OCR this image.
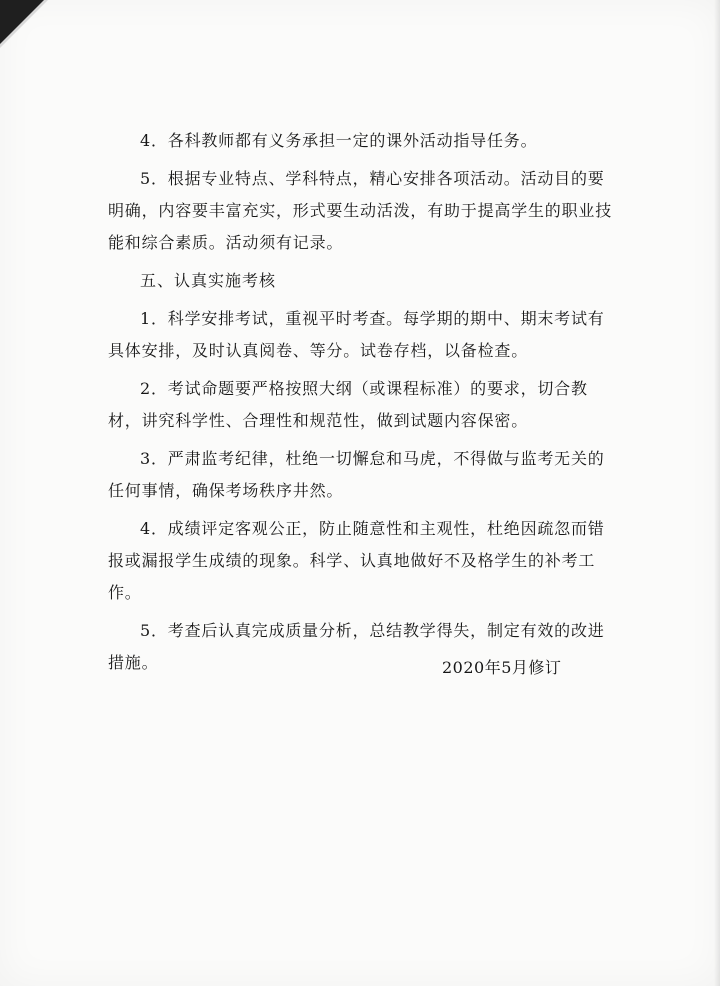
4．各科教师都有义务承担一定的课外活动指导任务。

5．根据专业特点、学科特点，精心安排各项活动。活动目的要明确，内容要丰富充实，形式要生动活泼，有助于提高学生的职业技能和综合素质。活动须有记录。

五、认真实施考核

1．科学安排考试，重视平时考查。每学期的期中、期末考试有具体安排，及时认真阅卷、等分。试卷存档，以备检查。

2．考试命题要严格按照大纲（或课程标准）的要求，切合教材，讲究科学性、合理性和规范性，做到试题内容保密。

3．严肃监考纪律，杜绝一切懈怠和马虎，不得做与监考无关的任何事情，确保考场秩序井然。

4．成绩评定客观公正，防止随意性和主观性，杜绝因疏忽而错报或漏报学生成绩的现象。科学、认真地做好不及格学生的补考工作。

5．考查后认真完成质量分析，总结教学得失，制定有效的改进措施。	2020年5月修订
